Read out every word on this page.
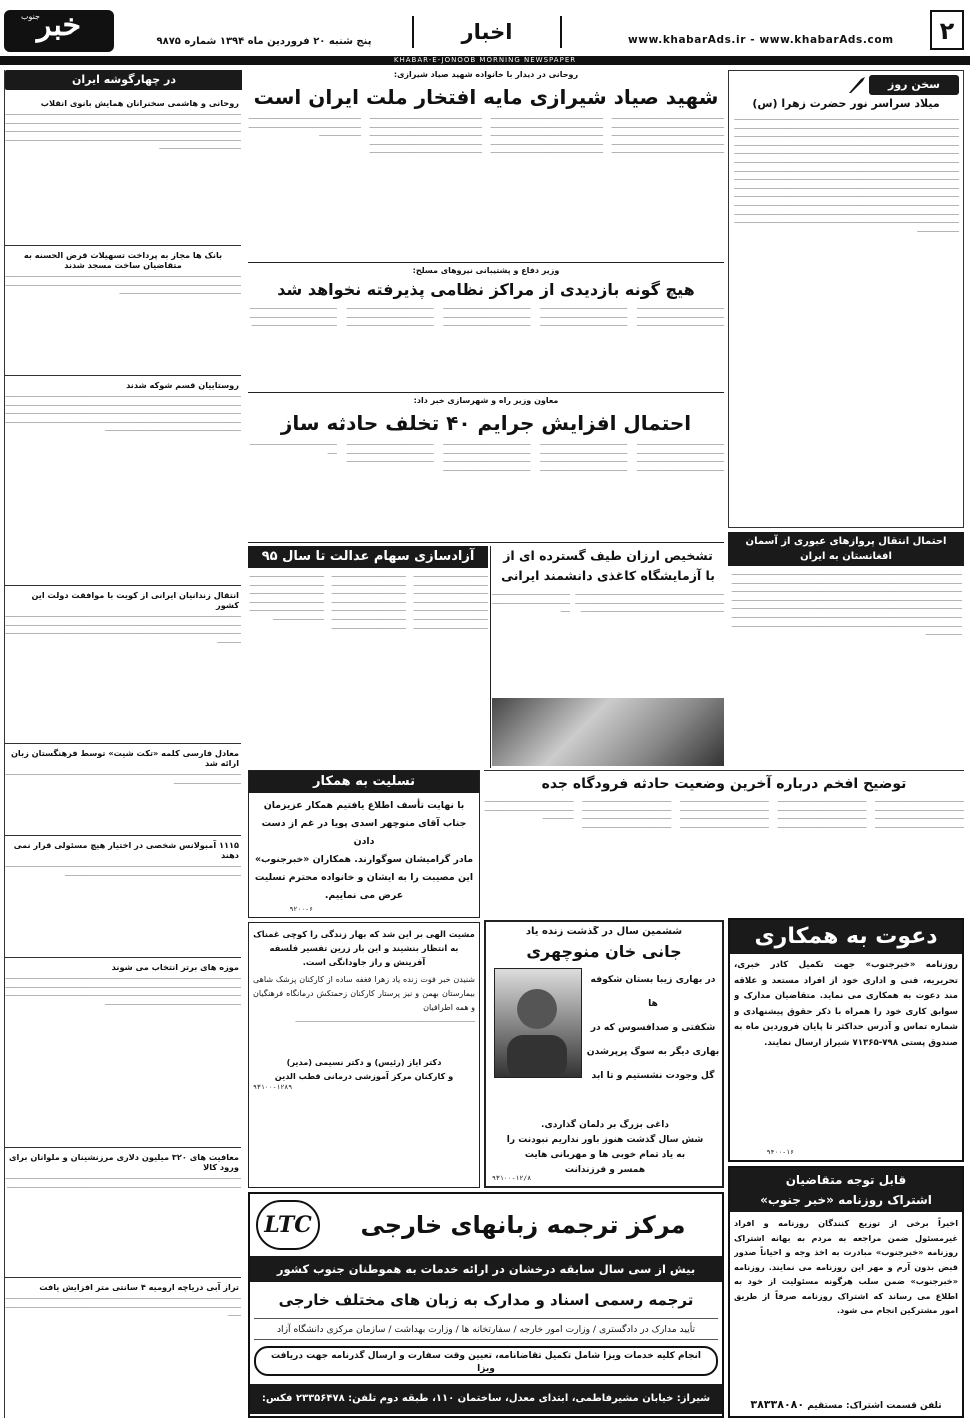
۲
www.khabarAds.ir - www.khabarAds.com
اخبار
پنج شنبه ۲۰ فروردین ماه ۱۳۹۴ شماره ۹۸۷۵
خبر
جنوب
KHABAR-E-JONOOB MORNING NEWSPAPER
سخن روز
میلاد سراسر نور حضرت زهرا (س)
ـــــــــــــــــــــــــــــــــــــــــــــــــــــــــــــــــــــــــــــــــــــــــــــــــــــــــــــــــــــــــــــــــــــــــــــــــــــــــــــــــــــــــــــــــــــــــــــــــــــــــــــــــــــــــــــــــــــــــــــــــــــــــــــــــــــــــــــــــــــــــــــــــــــــــــــــــــــــــــــــــــــــــــــــــــــــــــــــــــــــــــــــــــــــــــــــــــــــــــــــــــــــــــــــــــــــــــــــــــــــــــــــــــــــــــــــــــــــــــــــــــــــــــــــــــــــــــــــــــــــــــــــــــــــــــــــــــــــــــــــــــــــــــــــــــــــــــــــــــــــــــــــــــــــــــــــــــــــــــــــــــــــــــــــــــــــــــــــــــــــــــــــــــــــــــــــــــــــــــــــــــــــــــــــــــــــــــــــــــــــــــــــــــــــــــــــــــــــــــــــــــــــــــــــــــــــــــــــــــــــــــــــــــــــــــــــــــــــــــــــــــــــــــــــــــــــــــــــــــــــــــــــــــــــــــــــــــــــــــــــــــــــــــــــــــــــــــــــــــــــــــــــــــــــــــــــــــــــــــــــــــــــــــــــــــــــــــــــــــــــــــــــــــــــــــــــــــــــــــــــــــــــــــــــــــــــــــــــــــــــــــــــــــــــــــــــــــــــــــــــــــــــــــــــــــــــــــــــــــــــــــــــــــــــــــــــــــــــــــــــــــــــــــــــــــــــــــــــــــــــــــــــــــــــــــــــــــــــــــــــــــــــــــــــــــــــــــــــــــــــــــــــــــــــــــــــــــــــــــــــــــــــــــــــــــــــــــــــــــــــــــــــــــــــــــــــــــــــــــــــــــــــــــــــــــــــــــــــــــــــــــــــــــــــــــــــــــــــــــــــــــــــــــــــــــــــــــــــــــ
احتمال انتقال پروازهای عبوری از آسمان افغانستان به ایران
ـــــــــــــــــــــــــــــــــــــــــــــــــــــــــــــــــــــــــــــــــــــــــــــــــــــــــــــــــــــــــــــــــــــــــــــــــــــــــــــــــــــــــــــــــــــــــــــــــــــــــــــــــــــــــــــــــــــــــــــــــــــــــــــــــــــــــــــــــــــــــــــــــــــــــــــــــــــــــــــــــــــــــــــــــــــــــــــــــــــــــــــــــــــــــــــــــــــــــــــــــــــــــــــــــــــــــــــــــــــــــــــــــــــــــــــــــــــــــــــــــــــــــــــــــــــــــــــــــــــــــــــــــــــــــــــــــــــــــــــــــــــــــــــــــــــــــــــــــــــــــــــــــــــــــــــــــــــــــــــــــــــــــــــــــــــــــــــــــــــــــــــــــــــــــــــــــــــــــــــــــــــــــــــــــــــــــــــــــــــــــــــــــــــــــــــــــــــــــــــــــــــــــــــــــــــــــــــــــــــــــــــــــــــــــــــــــــــــــــــــــــــــــــــــــــــــــــــ
در چهارگوشه ایران
روحانی و هاشمی سخنرانان همایش بانوی انقلاب
ـــــــــــــــــــــــــــــــــــــــــــــــــــــــــــــــــــــــــــــــــــــــــــــــــــــــــــــــــــــــــــــــــــــــــــــــــــــــــــــــــــــــــــــــــــــــــــــــــــــــــــــــــــــــــــــــــــــــــــــــــــــــــــــــــــــــــــــــــــــــــــــــــــــــــــــــــــــــــــــــــــــــــــــــــــــــــــــــــــــــــــــــــــــــــــــــــــــــــــــــــــــــــــــــــــــــــــــــــــــــــــــــــــــــــــــــــــــــــــــــــــــــــــــــــــــــــــــــــــــــــــــــــــــــــــــــــــــــــــــــــــــ
بانک ها مجاز به پرداخت تسهیلات قرض الحسنه به متقاضیان ساخت مسجد شدند
ـــــــــــــــــــــــــــــــــــــــــــــــــــــــــــــــــــــــــــــــــــــــــــــــــــــــــــــــــــــــــــــــــــــــــــــــــــــــــــــــــــــــــــــــــــــــــــــــــــــــــــــــــــــــــــــــــــــــــــــــــــــــــــــــــــــــــــــــــــــــــــــــــــــــــــــــــــــــــــــــــــــــ
روستاییان قسم شوکه شدند
ـــــــــــــــــــــــــــــــــــــــــــــــــــــــــــــــــــــــــــــــــــــــــــــــــــــــــــــــــــــــــــــــــــــــــــــــــــــــــــــــــــــــــــــــــــــــــــــــــــــــــــــــــــــــــــــــــــــــــــــــــــــــــــــــــــــــــــــــــــــــــــــــــــــــــــــــــــــــــــــــــــــــــــــــــــــــــــــــــــــــــــــــــــــــــــــــــــــــــــــــــــــــــــــــــــــــــــــــــــــــــــــــــــــــــــــــــــــــــــــــــــــــــــــــــــــــــــــــــــــــــــــــــــــــــــــــــــــــــــــــــــــــــــــــــــــــــــــــــــ
انتقال زندانیان ایرانی از کویت با موافقت دولت این کشور
ـــــــــــــــــــــــــــــــــــــــــــــــــــــــــــــــــــــــــــــــــــــــــــــــــــــــــــــــــــــــــــــــــــــــــــــــــــــــــــــــــــــــــــــــــــــــــــــــــــــــــــــــــــــــــــــــــــــــــــــــــــــــــــــــــــــــــــــــــــــــــــــــــــــــــــــــــــــــــــــــــــــــــــــــــــــــــــــــــــــــــــــــــــــــــــــــــــــــــــــــــــ
معادل فارسی کلمه «تکت شیت» توسط فرهنگستان زبان ارائه شد
ـــــــــــــــــــــــــــــــــــــــــــــــــــــــــــــــــــــــــــــــــــــــــــــــــــــــــــــــــــــــــــــــــــــــــــــــــــــــــــــــــــــــ
۱۱۱۵ آمبولانس شخصی در اختیار هیچ مسئولی قرار نمی دهند
ـــــــــــــــــــــــــــــــــــــــــــــــــــــــــــــــــــــــــــــــــــــــــــــــــــــــــــــــــــــــــــــــــــــــــــــــــــــــــــــــــــــــــــــــــــــــــــــــــــــــــــــــــــــــــــــــــــ
موزه های برتر انتخاب می شوند
ـــــــــــــــــــــــــــــــــــــــــــــــــــــــــــــــــــــــــــــــــــــــــــــــــــــــــــــــــــــــــــــــــــــــــــــــــــــــــــــــــــــــــــــــــــــــــــــــــــــــــــــــــــــــــــــــــــــــــــــــــــــــــــــــــــــــــــــــــــــــــــــــــــــــــــــــــــــــــــــــــــــــــــــــــــــــــــــــــــــــــــــــــــــــــــــــــــــــــــــــــــــــــــــــــــــــــــــــــــــــــــــــــــــــــــــــــ
معافیت های ۳۲۰ میلیون دلاری مرزنشینان و ملوانان برای ورود کالا
ـــــــــــــــــــــــــــــــــــــــــــــــــــــــــــــــــــــــــــــــــــــــــــــــــــــــــــــــــــــــــــــــــــــــــــــــــــــــــــــــــــــــــــــــــــــــــــــــــــــــــــــــــــــــــــــــــــــــــــــــــــــــــــــــــــ
تراز آبی دریاچه ارومیه ۴ سانتی متر افزایش یافت
ـــــــــــــــــــــــــــــــــــــــــــــــــــــــــــــــــــــــــــــــــــــــــــــــــــــــــــــــــــــــــــــــــــــــــــــــــــــــــــــــــــــــــــــــــــــــــــــــــــــــــــــــــــــــــــــــــــــــــــــــــــــــــــــــــــــــــــ
روحانی در دیدار با خانواده شهید صیاد شیرازی:
شهید صیاد شیرازی مایه افتخار ملت ایران است
ـــــــــــــــــــــــــــــــــــــــــــــــــــــــــــــــــــــــــــــــــــــــــــــــــــــــــــــــــــــــــــــــــــــــــــــــــــــــــــــــــــــــــــــــــــــــــــــــــــــــــــــــــــــــــــــــــــــــــــــــــــــــــــــــــــــــــــــــــــــــــــــــــــــــــــــــــــــــــــــــــــــــــــــــــــــــــــــــــــــــــــــــــــــــــــــــــــــــــــــــــــــــــــــــــــــــــــــــــــــــــــــــــــــــــــــــــــــــــــــــــــــــــــــــــــــــــــــــــــــــــــــــــــــــــــــــــــــــــــــــــــــــــــــــــــــــــــــــــــــــــــــــــــــــــــــــــــــــــــــــــــــــــــــــــــــــــــــــــــــــــــــــــــــــــــــــــــــــــــــــــــــــــــــــــــــــــــــــــــــــــــــــــــــــــــــــــــــــــــــــــــــــــــــــــــــــــــــــــــــــــــــــــــــــــــــــــــــــــــــــــــــــــــــــــــــــــــــــــــــــــــــــــــــــــــــــــــــــــــــــــــــــــــــــــــــــــــــــــــــــــــــــــــــــــــــــــــــــــــــــــــــــــــــــــــــــــــــــــــــ
وزیر دفاع و پشتیبانی نیروهای مسلح:
هیچ گونه بازدیدی از مراکز نظامی پذیرفته نخواهد شد
ـــــــــــــــــــــــــــــــــــــــــــــــــــــــــــــــــــــــــــــــــــــــــــــــــــــــــــــــــــــــــــــــــــــــــــــــــــــــــــــــــــــــــــــــــــــــــــــــــــــــــــــــــــــــــــــــــــــــــــــــــــــــــــــــــــــــــــــــــــــــــــــــــــــــــــــــــــــــــــــــــــــــــــــــــــــــــــــــــــــــــــــــــــــــــــــــــــــــــــــــــــــــــــــــــــــــــــــــــــــــــــــــــــــــــــــــــــــــــــــــــــــــــــــــــــــــــــــــــــــــــــــــــــــــــــــــــــــــــــــــــــــــــــــــــــــــــــــــــــــــــــــــــــــــــــــــــــــــــــــــــــــــــــــــــــــــــــــــــــــــــــــــــــــــــــــــــــــــــــــــ
معاون وزیر راه و شهرسازی خبر داد:
احتمال افزایش جرایم ۴۰ تخلف حادثه ساز
ـــــــــــــــــــــــــــــــــــــــــــــــــــــــــــــــــــــــــــــــــــــــــــــــــــــــــــــــــــــــــــــــــــــــــــــــــــــــــــــــــــــــــــــــــــــــــــــــــــــــــــــــــــــــــــــــــــــــــــــــــــــــــــــــــــــــــــــــــــــــــــــــــــــــــــــــــــــــــــــــــــــــــــــــــــــــــــــــــــــــــــــــــــــــــــــــــــــــــــــــــــــــــــــــــــــــــــــــــــــــــــــــــــــــــــــــــــــــــــــــــــــــــــــــــــــــــــــــــــــــــــــــــــــــــــــــــــــــــــــــــــــــــــــــــــــــــــــــــــــــــــــــــــــــــــــــــــــــــــــــــــــــــــــــــــــــــــــــــــــــــــــــــــــــــــــــــــــــــــــــــــــــــــــــــــــــــــــــــــــــــــــــــــــ
تشخیص ارزان طیف گسترده ای از
با آزمایشگاه کاغذی دانشمند ایرانی
ـــــــــــــــــــــــــــــــــــــــــــــــــــــــــــــــــــــــــــــــــــــــــــــــــــــــــــــــــــــــــــــــــــــــــــــــــــــــــــــــــــــــــــــــــــــــــــــــــــــــــــــــــــــــــــــــــــــــــــــــــــ
ـــــــــــــــــــــــــــــــــــــــــــــــــــــــــــــــــــــــــــــــــــــــــــ
آزادسازی سهام عدالت تا سال ۹۵
ـــــــــــــــــــــــــــــــــــــــــــــــــــــــــــــــــــــــــــــــــــــــــــــــــــــــــــــــــــــــــــــــــــــــــــــــــــــــــــــــــــــــــــــــــــــــــــــــــــــــــــــــــــــــــــــــــــــــــــــــــــــــــــــــــــــــــــــــــــــــــــــــــــــــــــــــــــــــــــــــــــــــــــــــــــــــــــــــــــــــــــــــــــــــــــــــــــــــــــــــــــــــــــــــــــــــــــــــــــــــــــــــــــــــــــــــــــــــــــــــــــــــــــــــــــــــــــــــــــــــــــــــــــــــــــــــــــــــــــــــــــــــــــــــــــــــــــــــــــــــــــــــــــــــــــــــــــــــــــــــــــــــــــــــــــــــــــــــــــــــــــــــــــــــــــــــــــــــــــــــــــــــــــــــــــــــــــــــــــــــــــــــــــــــــــــــــــــــــــــــــــــــ
توضیح افخم درباره آخرین وضعیت حادثه فرودگاه جده
ـــــــــــــــــــــــــــــــــــــــــــــــــــــــــــــــــــــــــــــــــــــــــــــــــــــــــــــــــــــــــــــــــــــــــــــــــــــــــــــــــــــــــــــــــــــــــــــــــــــــــــــــــــــــــــــــــــــــــــــــــــــــــــــــــــــــــــــــــــــــــــــــــــــــــــــــــــــــــــــــــــــــــــــــــــــــــــــــــــــــــــــــــــــــــــــــــــــــــــــــــــــــــــــــــــــــــــــــــــــــــــــــــــــــــــــــــــــــــــــــــــــــــــــــــــــــــــــــــــــــــــــــــــــــــــــــــــــــــــــــــــــــــــــــــــــــــــــــــــــــــــــــــــــــــــــــــــــــــــــــــــــــــــــــــــــــــــــــــــــــــــــــــــــــــــــــــــــــــــــــــــــــــــــــــــــــــــــــــــــــــــــــــــــــــــــــــــــــــــــــــــــــــــــــــــــــــــــــــــــــــــــــــــــــــــــــــــــــــــــــــــــــــــــــــــ
تسلیت به همکار
با نهایت تأسف اطلاع یافتیم همکار عزیزمان
جناب آقای منوچهر اسدی پویا در غم از دست دادن
مادر گرامیشان سوگوارند. همکاران «خبرجنوب»
این مصیبت را به ایشان و خانواده محترم تسلیت
عرض می نماییم.
۹۲۰۰-۶
مشیت الهی بر این شد که بهار زندگی را کوچی غمناک به انتظار بنشیند و این بار زرین تفسیر فلسفه آفرینش و راز جاودانگی است.
شنیدن خبر فوت زنده یاد زهرا فغفه ساده از کارکنان پزشک شاهی بیمارستان بهمن و نیز پرستار کارکنان زحمتکش درمانگاه فرهنگیان و همه اطرافیان
ـــــــــــــــــــــــــــــــــــــــــــــــــــــــــــــــــــــــــــــــــــــــــــــــــــ
دکتر ایاز (رئیس) و دکتر نسیمی (مدیر)
و کارکنان مرکز آموزشی درمانی قطب الدین
۹۳۱۰۰-۱۲۸۹
ششمین سال در گذشت زنده یاد
جانی خان منوچهری
در بهاری زیبا بستان شکوفه ها
شکفتی و صدافسوس که در
بهاری دیگر به سوگ پرپرشدن
گل وجودت نشستیم و تا ابد
داغی بزرگ بر دلمان گذاردی.
شش سال گذشت هنوز باور نداریم نبودنت را
به یاد تمام خوبی ها و مهربانی هایت
همسر و فرزندانت
۹۳۱۰۰-۱۲/۸
دعوت به همکاری
روزنامه «خبرجنوب» جهت تکمیل کادر خبری، تحریریه، فنی و اداری خود از افراد مستعد و علاقه مند دعوت به همکاری می نماید. متقاضیان مدارک و سوابق کاری خود را همراه با ذکر حقوق پیشنهادی و شماره تماس و آدرس حداکثر تا پایان فروردین ماه به صندوق پستی ۷۹۸-۷۱۳۶۵ شیراز ارسال نمایند.
۹۴۰۰-۱۶
قابل توجه متقاضیان
اشتراک روزنامه «خبر جنوب»
اخیراً برخی از توزیع کنندگان روزنامه و افراد غیرمسئول ضمن مراجعه به مردم به بهانه اشتراک روزنامه «خبرجنوب» مبادرت به اخذ وجه و احیاناً صدور قبض بدون آرم و مهر این روزنامه می نمایند. روزنامه «خبرجنوب» ضمن سلب هرگونه مسئولیت از خود به اطلاع می رساند که اشتراک روزنامه صرفاً از طریق امور مشترکین انجام می شود.
تلفن قسمت اشتراک: مستقیم ۳۸۳۳۸۰۸۰
LTC	مرکز ترجمه زبانهای خارجی
بیش از سی سال سابقه درخشان در ارائه خدمات به هموطنان جنوب کشور
ترجمه رسمی اسناد و مدارک به زبان های مختلف خارجی
تأیید مدارک در دادگستری / وزارت امور خارجه / سفارتخانه ها / وزارت بهداشت / سازمان مرکزی دانشگاه آزاد
انجام کلیه خدمات ویزا شامل تکمیل تقاضانامه، تعیین وقت سفارت و ارسال گذرنامه جهت دریافت ویزا
شیراز: خیابان مشیرفاطمی، ابتدای معدل، ساختمان ۱۱۰، طبقه دوم تلفن: ۲۳۳۵۶۴۷۸ فکس:
